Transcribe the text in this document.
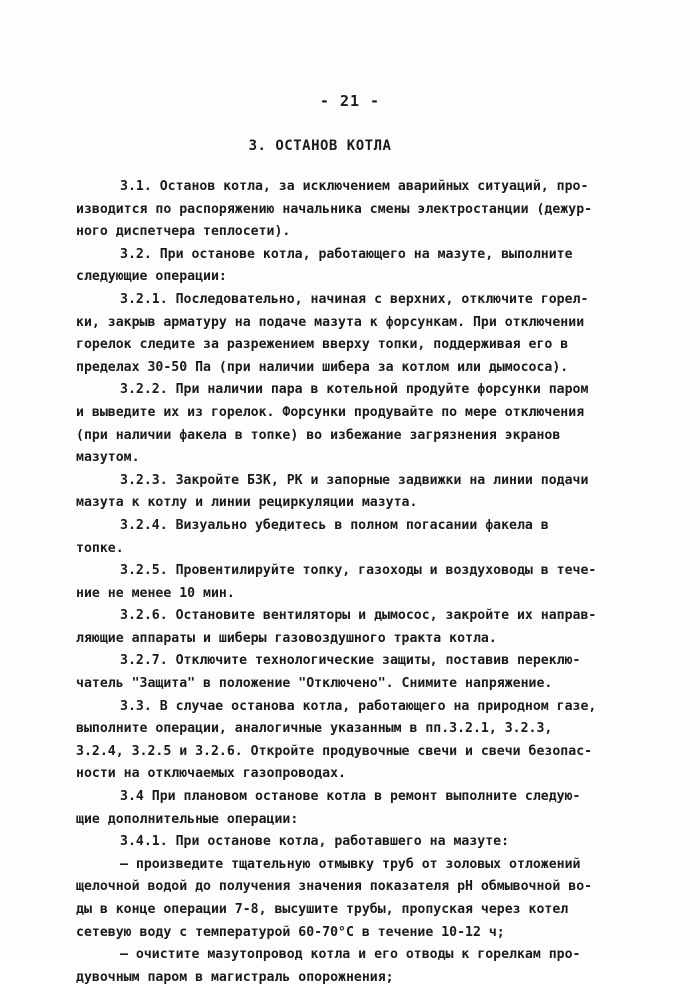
- 21 -
3. ОСТАНОВ КОТЛА
3.1. Останов котла, за исключением аварийных ситуаций, про-
изводится по распоряжению начальника смены электростанции (дежур-
ного диспетчера теплосети).
3.2. При останове котла, работающего на мазуте, выполните
следующие операции:
3.2.1. Последовательно, начиная с верхних, отключите горел-
ки, закрыв арматуру на подаче мазута к форсункам. При отключении
горелок следите за разрежением вверху топки, поддерживая его в
пределах 30-50 Па (при наличии шибера за котлом или дымососа).
3.2.2. При наличии пара в котельной продуйте форсунки паром
и выведите их из горелок. Форсунки продувайте по мере отключения
(при наличии факела в топке) во избежание загрязнения экранов
мазутом.
3.2.3. Закройте БЗК, РК и запорные задвижки на линии подачи
мазута к котлу и линии рециркуляции мазута.
3.2.4. Визуально убедитесь в полном погасании факела в
топке.
3.2.5. Провентилируйте топку, газоходы и воздуховоды в тече-
ние не менее 10 мин.
3.2.6. Остановите вентиляторы и дымосос, закройте их направ-
ляющие аппараты и шиберы газовоздушного тракта котла.
3.2.7. Отключите технологические защиты, поставив переклю-
чатель "Защита" в положение "Отключено". Снимите напряжение.
3.3. В случае останова котла, работающего на природном газе,
выполните операции, аналогичные указанным в пп.3.2.1, 3.2.3,
3.2.4, 3.2.5 и 3.2.6. Откройте продувочные свечи и свечи безопас-
ности на отключаемых газопроводах.
3.4 При плановом останове котла в ремонт выполните следую-
щие дополнительные операции:
3.4.1. При останове котла, работавшего на мазуте:
– произведите тщательную отмывку труб от золовых отложений
щелочной водой до получения значения показателя pH обмывочной во-
ды в конце операции 7-8, высушите трубы, пропуская через котел
сетевую воду с температурой 60-70°С в течение 10-12 ч;
– очистите мазутопровод котла и его отводы к горелкам про-
дувочным паром в магистраль опорожнения;
